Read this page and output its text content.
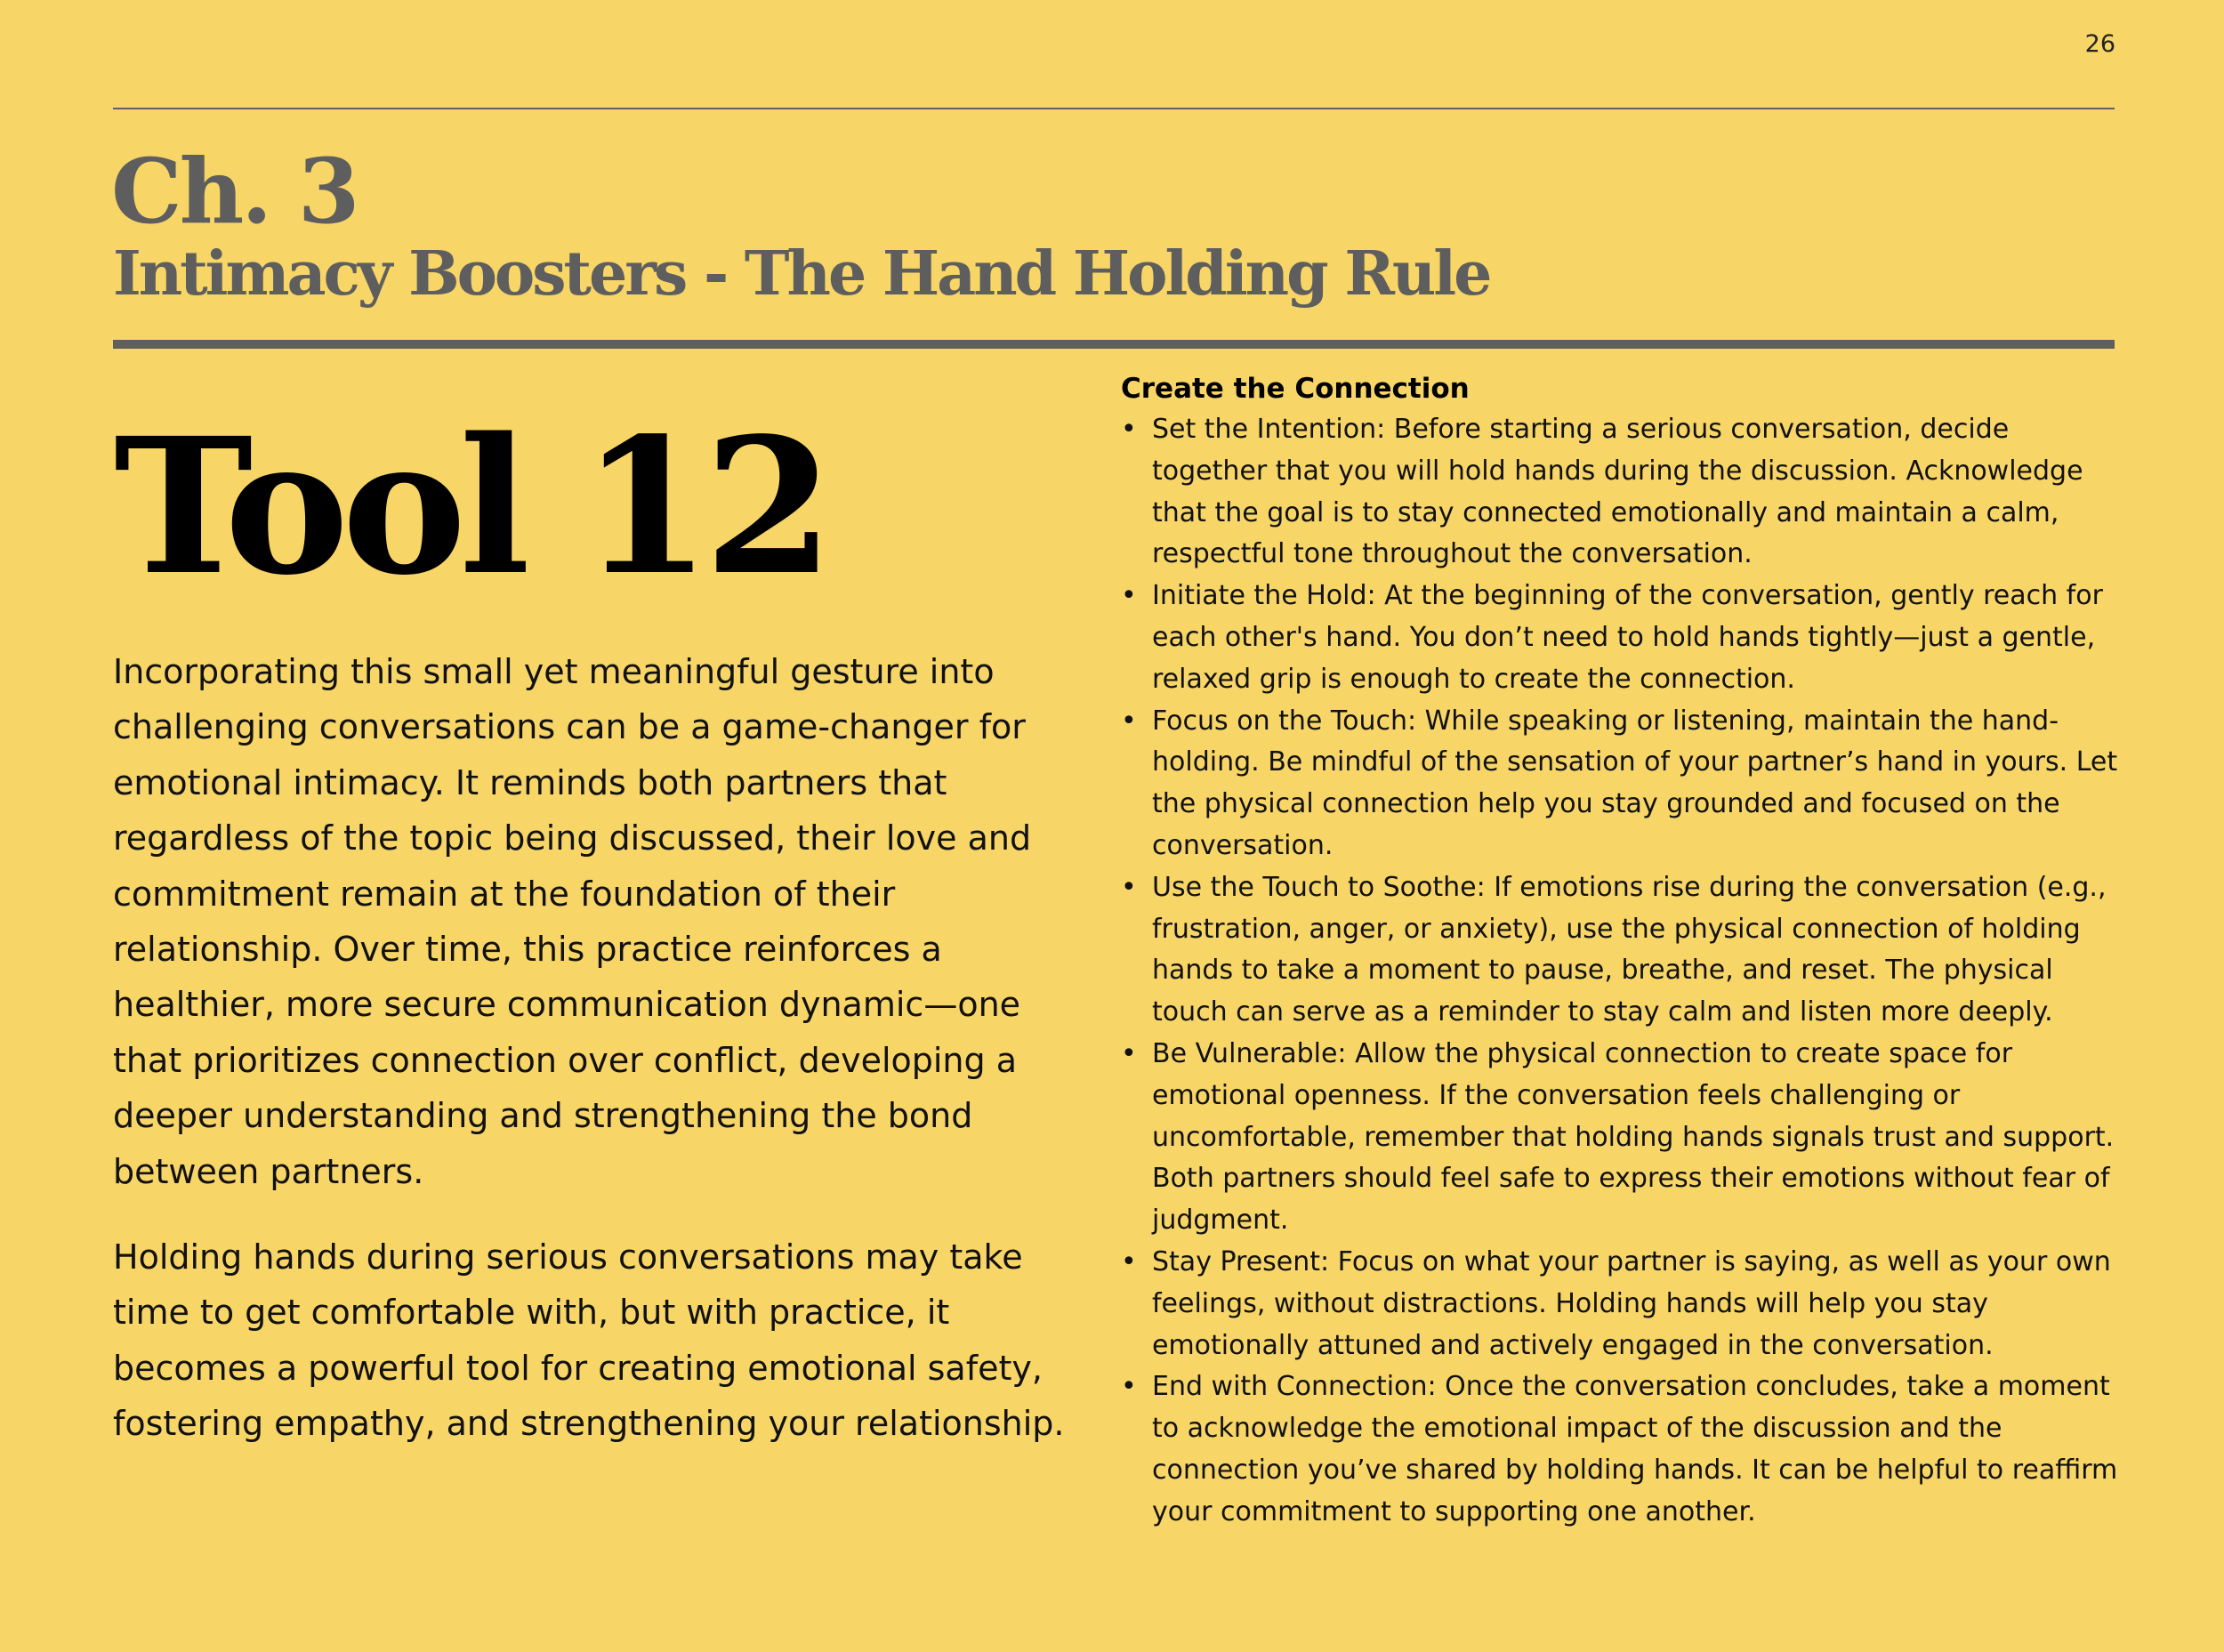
26
Ch. 3
Intimacy Boosters - The Hand Holding Rule
Tool 12

Incorporating this small yet meaningful gesture into challenging conversations can be a game-changer for emotional intimacy. It reminds both partners that regardless of the topic being discussed, their love and commitment remain at the foundation of their relationship. Over time, this practice reinforces a healthier, more secure communication dynamic—one that prioritizes connection over conflict, developing a deeper understanding and strengthening the bond between partners.

Holding hands during serious conversations may take time to get comfortable with, but with practice, it becomes a powerful tool for creating emotional safety, fostering empathy, and strengthening your relationship.

Create the Connection
• Set the Intention: Before starting a serious conversation, decide together that you will hold hands during the discussion. Acknowledge that the goal is to stay connected emotionally and maintain a calm, respectful tone throughout the conversation.
• Initiate the Hold: At the beginning of the conversation, gently reach for each other's hand. You don’t need to hold hands tightly—just a gentle, relaxed grip is enough to create the connection.
• Focus on the Touch: While speaking or listening, maintain the hand-holding. Be mindful of the sensation of your partner’s hand in yours. Let the physical connection help you stay grounded and focused on the conversation.
• Use the Touch to Soothe: If emotions rise during the conversation (e.g., frustration, anger, or anxiety), use the physical connection of holding hands to take a moment to pause, breathe, and reset. The physical touch can serve as a reminder to stay calm and listen more deeply.
• Be Vulnerable: Allow the physical connection to create space for emotional openness. If the conversation feels challenging or uncomfortable, remember that holding hands signals trust and support. Both partners should feel safe to express their emotions without fear of judgment.
• Stay Present: Focus on what your partner is saying, as well as your own feelings, without distractions. Holding hands will help you stay emotionally attuned and actively engaged in the conversation.
• End with Connection: Once the conversation concludes, take a moment to acknowledge the emotional impact of the discussion and the connection you’ve shared by holding hands. It can be helpful to reaffirm your commitment to supporting one another.
